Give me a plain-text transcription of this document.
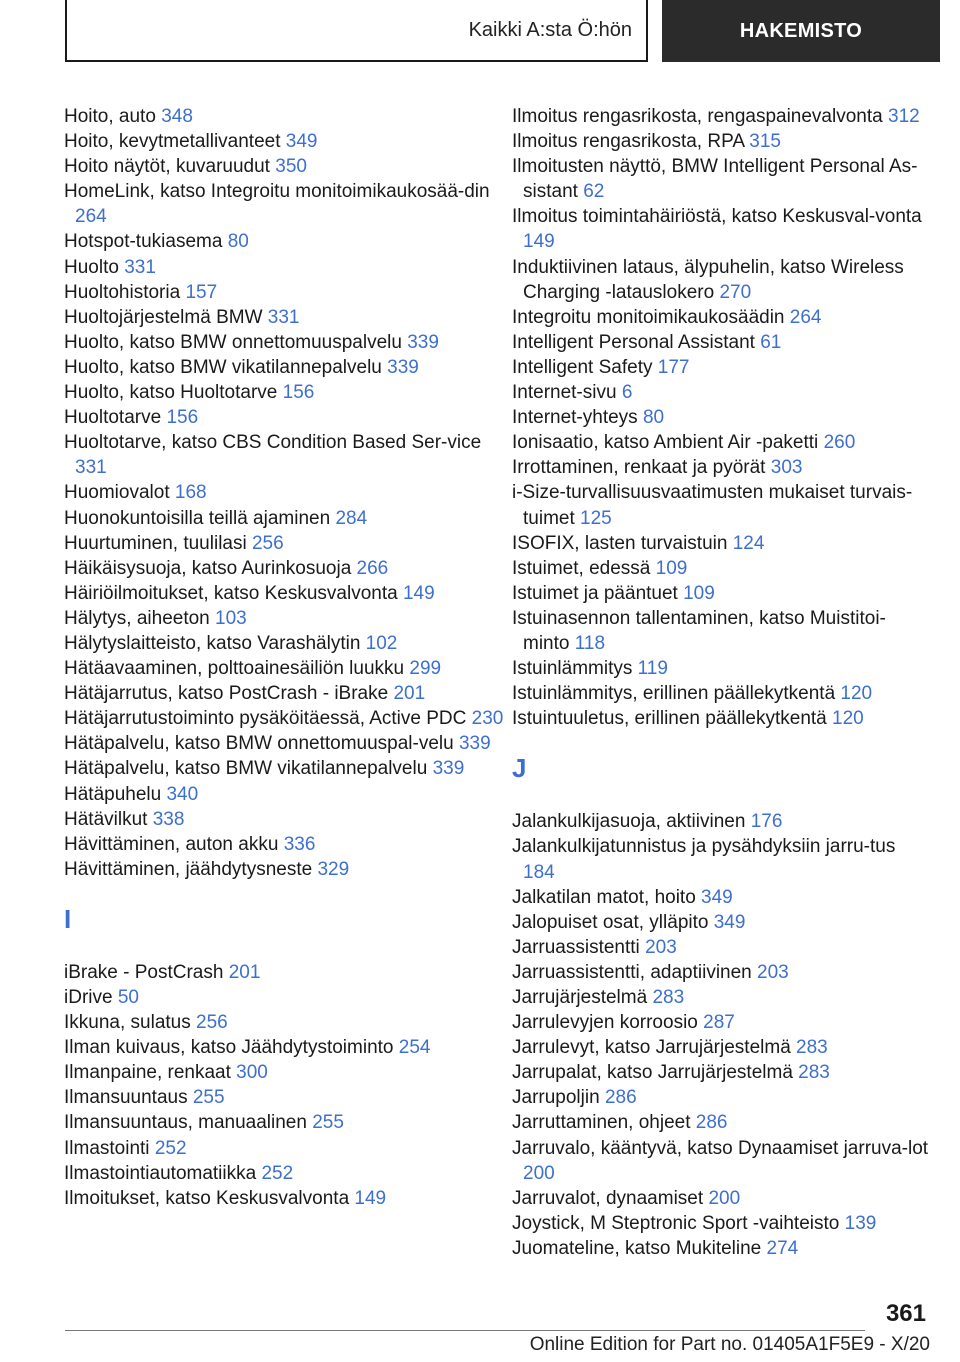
Kaikki A:sta Ö:hön	HAKEMISTO
Hoito, auto 348
Hoito, kevytmetallivanteet 349
Hoito näytöt, kuvaruudut 350
HomeLink, katso Integroitu monitoimikaukosää-din 264
Hotspot-tukiasema 80
Huolto 331
Huoltohistoria 157
Huoltojärjestelmä BMW 331
Huolto, katso BMW onnettomuuspalvelu 339
Huolto, katso BMW vikatilannepalvelu 339
Huolto, katso Huoltotarve 156
Huoltotarve 156
Huoltotarve, katso CBS Condition Based Ser-vice 331
Huomiovalot 168
Huonokuntoisilla teillä ajaminen 284
Huurtuminen, tuulilasi 256
Häikäisysuoja, katso Aurinkosuoja 266
Häiriöilmoitukset, katso Keskusvalvonta 149
Hälytys, aiheeton 103
Hälytyslaitteisto, katso Varashälytin 102
Hätäavaaminen, polttoainesäiliön luukku 299
Hätäjarrutus, katso PostCrash - iBrake 201
Hätäjarrutustoiminto pysäköitäessä, Active PDC 230
Hätäpalvelu, katso BMW onnettomuuspal-velu 339
Hätäpalvelu, katso BMW vikatilannepalvelu 339
Hätäpuhelu 340
Hätävilkut 338
Hävittäminen, auton akku 336
Hävittäminen, jäähdytysneste 329
I
iBrake - PostCrash 201
iDrive 50
Ikkuna, sulatus 256
Ilman kuivaus, katso Jäähdytystoiminto 254
Ilmanpaine, renkaat 300
Ilmansuuntaus 255
Ilmansuuntaus, manuaalinen 255
Ilmastointi 252
Ilmastointiautomatiikka 252
Ilmoitukset, katso Keskusvalvonta 149
Ilmoitus rengasrikosta, rengaspainevalvonta 312
Ilmoitus rengasrikosta, RPA 315
Ilmoitusten näyttö, BMW Intelligent Personal As-sistant 62
Ilmoitus toimintahäiriöstä, katso Keskusval-vonta 149
Induktiivinen lataus, älypuhelin, katso Wireless Charging -latauslokero 270
Integroitu monitoimikaukosäädin 264
Intelligent Personal Assistant 61
Intelligent Safety 177
Internet-sivu 6
Internet-yhteys 80
Ionisaatio, katso Ambient Air -paketti 260
Irrottaminen, renkaat ja pyörät 303
i-Size-turvallisuusvaatimusten mukaiset turvais-tuimet 125
ISOFIX, lasten turvaistuin 124
Istuimet, edessä 109
Istuimet ja pääntuet 109
Istuinasennon tallentaminen, katso Muistitoi-minto 118
Istuinlämmitys 119
Istuinlämmitys, erillinen päällekytkentä 120
Istuintuuletus, erillinen päällekytkentä 120
J
Jalankulkijasuoja, aktiivinen 176
Jalankulkijatunnistus ja pysähdyksiin jarru-tus 184
Jalkatilan matot, hoito 349
Jalopuiset osat, ylläpito 349
Jarruassistentti 203
Jarruassistentti, adaptiivinen 203
Jarrujärjestelmä 283
Jarrulevyjen korroosio 287
Jarrulevyt, katso Jarrujärjestelmä 283
Jarrupalat, katso Jarrujärjestelmä 283
Jarrupoljin 286
Jarruttaminen, ohjeet 286
Jarruvalo, kääntyvä, katso Dynaamiset jarruva-lot 200
Jarruvalot, dynaamiset 200
Joystick, M Steptronic Sport -vaihteisto 139
Juomateline, katso Mukiteline 274
361
Online Edition for Part no. 01405A1F5E9 - X/20
